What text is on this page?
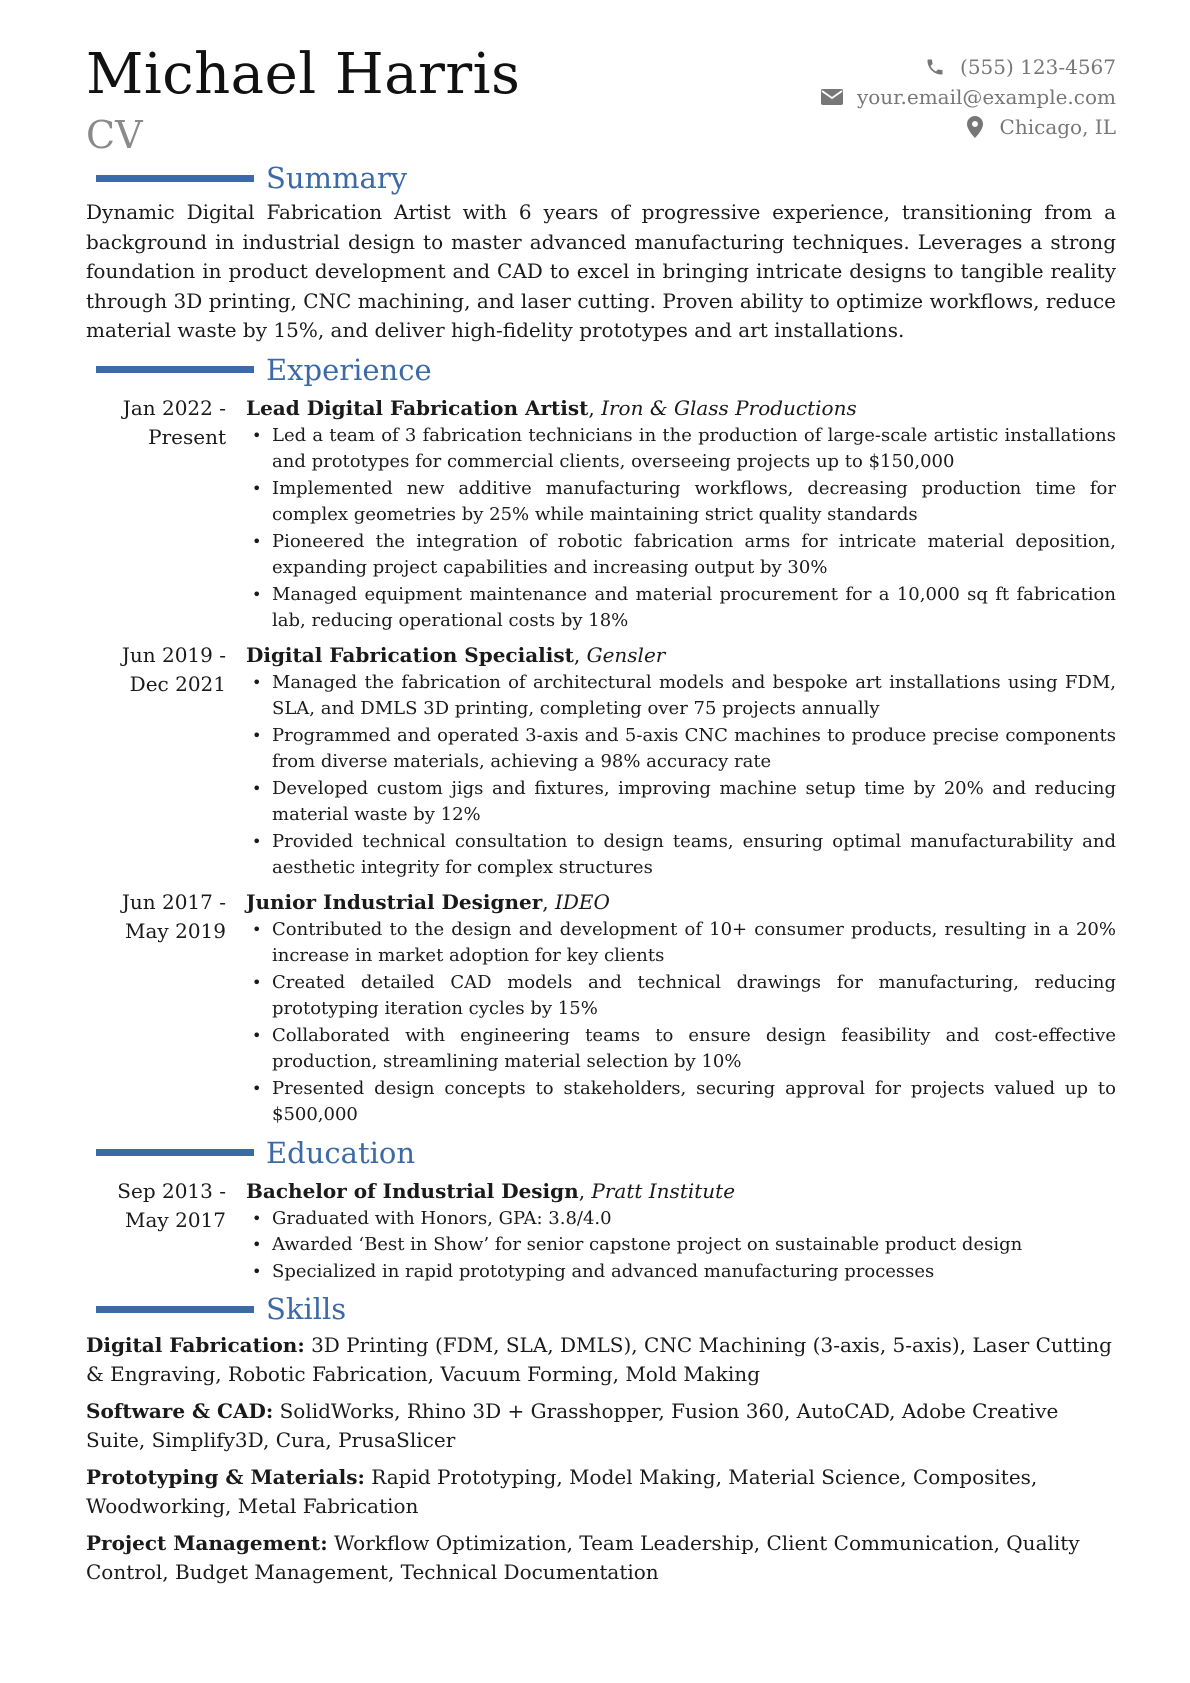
Michael Harris
CV
(555) 123-4567
your.email@example.com
Chicago, IL
Summary
Dynamic Digital Fabrication Artist with 6 years of progressive experience, transitioning from a background in industrial design to master advanced manufacturing techniques. Leverages a strong foundation in product development and CAD to excel in bringing intricate designs to tangible reality through 3D printing, CNC machining, and laser cutting. Proven ability to optimize workflows, reduce material waste by 15%, and deliver high-fidelity prototypes and art installations.
Experience
Jan 2022 - Present
Lead Digital Fabrication Artist, Iron & Glass Productions
• Led a team of 3 fabrication technicians in the production of large-scale artistic installations and prototypes for commercial clients, overseeing projects up to $150,000
• Implemented new additive manufacturing workflows, decreasing production time for complex geometries by 25% while maintaining strict quality standards
• Pioneered the integration of robotic fabrication arms for intricate material deposition, expanding project capabilities and increasing output by 30%
• Managed equipment maintenance and material procurement for a 10,000 sq ft fabrication lab, reducing operational costs by 18%
Jun 2019 - Dec 2021
Digital Fabrication Specialist, Gensler
• Managed the fabrication of architectural models and bespoke art installations using FDM, SLA, and DMLS 3D printing, completing over 75 projects annually
• Programmed and operated 3-axis and 5-axis CNC machines to produce precise components from diverse materials, achieving a 98% accuracy rate
• Developed custom jigs and fixtures, improving machine setup time by 20% and reducing material waste by 12%
• Provided technical consultation to design teams, ensuring optimal manufacturability and aesthetic integrity for complex structures
Jun 2017 - May 2019
Junior Industrial Designer, IDEO
• Contributed to the design and development of 10+ consumer products, resulting in a 20% increase in market adoption for key clients
• Created detailed CAD models and technical drawings for manufacturing, reducing prototyping iteration cycles by 15%
• Collaborated with engineering teams to ensure design feasibility and cost-effective production, streamlining material selection by 10%
• Presented design concepts to stakeholders, securing approval for projects valued up to $500,000
Education
Sep 2013 - May 2017
Bachelor of Industrial Design, Pratt Institute
• Graduated with Honors, GPA: 3.8/4.0
• Awarded ‘Best in Show’ for senior capstone project on sustainable product design
• Specialized in rapid prototyping and advanced manufacturing processes
Skills
Digital Fabrication: 3D Printing (FDM, SLA, DMLS), CNC Machining (3-axis, 5-axis), Laser Cutting & Engraving, Robotic Fabrication, Vacuum Forming, Mold Making
Software & CAD: SolidWorks, Rhino 3D + Grasshopper, Fusion 360, AutoCAD, Adobe Creative Suite, Simplify3D, Cura, PrusaSlicer
Prototyping & Materials: Rapid Prototyping, Model Making, Material Science, Composites, Woodworking, Metal Fabrication
Project Management: Workflow Optimization, Team Leadership, Client Communication, Quality Control, Budget Management, Technical Documentation
